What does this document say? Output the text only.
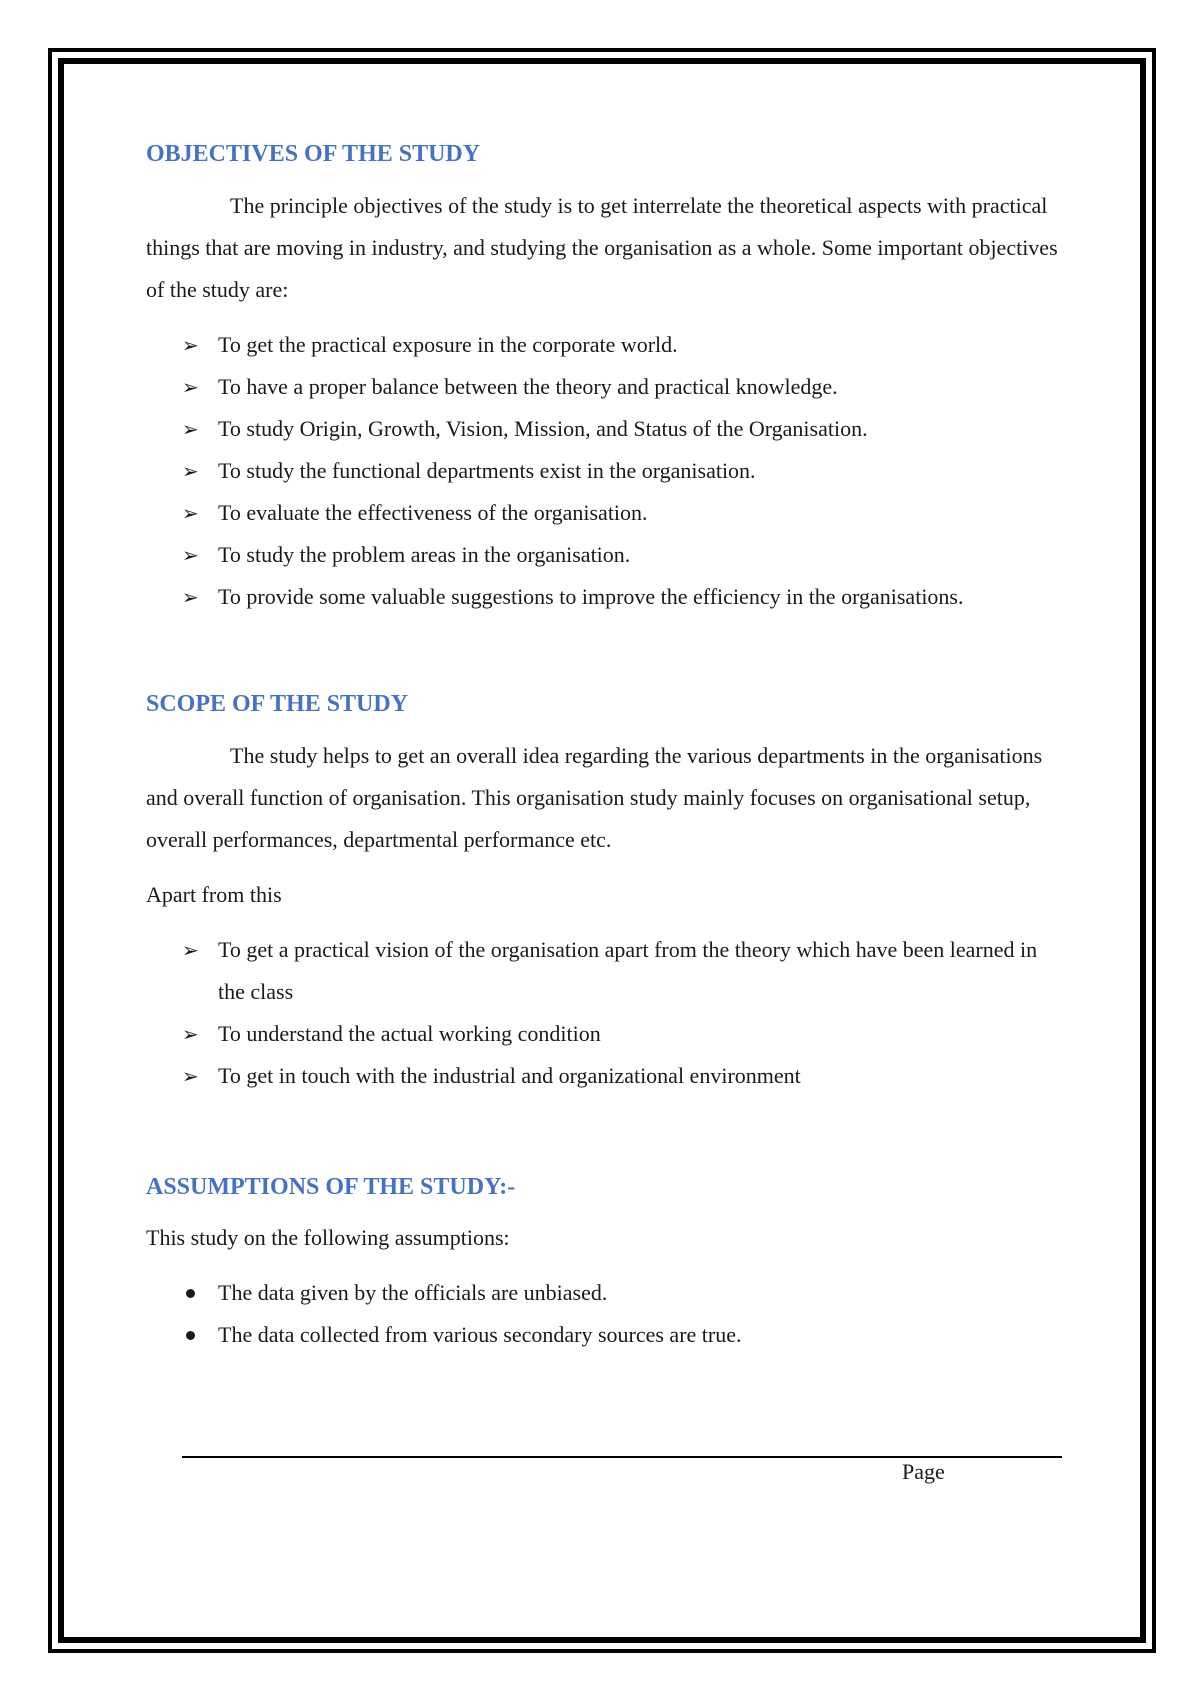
OBJECTIVES OF THE STUDY

The principle objectives of the study is to get interrelate the theoretical aspects with practical things that are moving in industry, and studying the organisation as a whole. Some important objectives of the study are:

➢ To get the practical exposure in the corporate world.
➢ To have a proper balance between the theory and practical knowledge.
➢ To study Origin, Growth, Vision, Mission, and Status of the Organisation.
➢ To study the functional departments exist in the organisation.
➢ To evaluate the effectiveness of the organisation.
➢ To study the problem areas in the organisation.
➢ To provide some valuable suggestions to improve the efficiency in the organisations.
SCOPE OF THE STUDY

The study helps to get an overall idea regarding the various departments in the organisations and overall function of organisation. This organisation study mainly focuses on organisational setup, overall performances, departmental performance etc.

Apart from this

➢ To get a practical vision of the organisation apart from the theory which have been learned in the class
➢ To understand the actual working condition
➢ To get in touch with the industrial and organizational environment
ASSUMPTIONS OF THE STUDY:-

This study on the following assumptions:

The data given by the officials are unbiased.
The data collected from various secondary sources are true.
Page
